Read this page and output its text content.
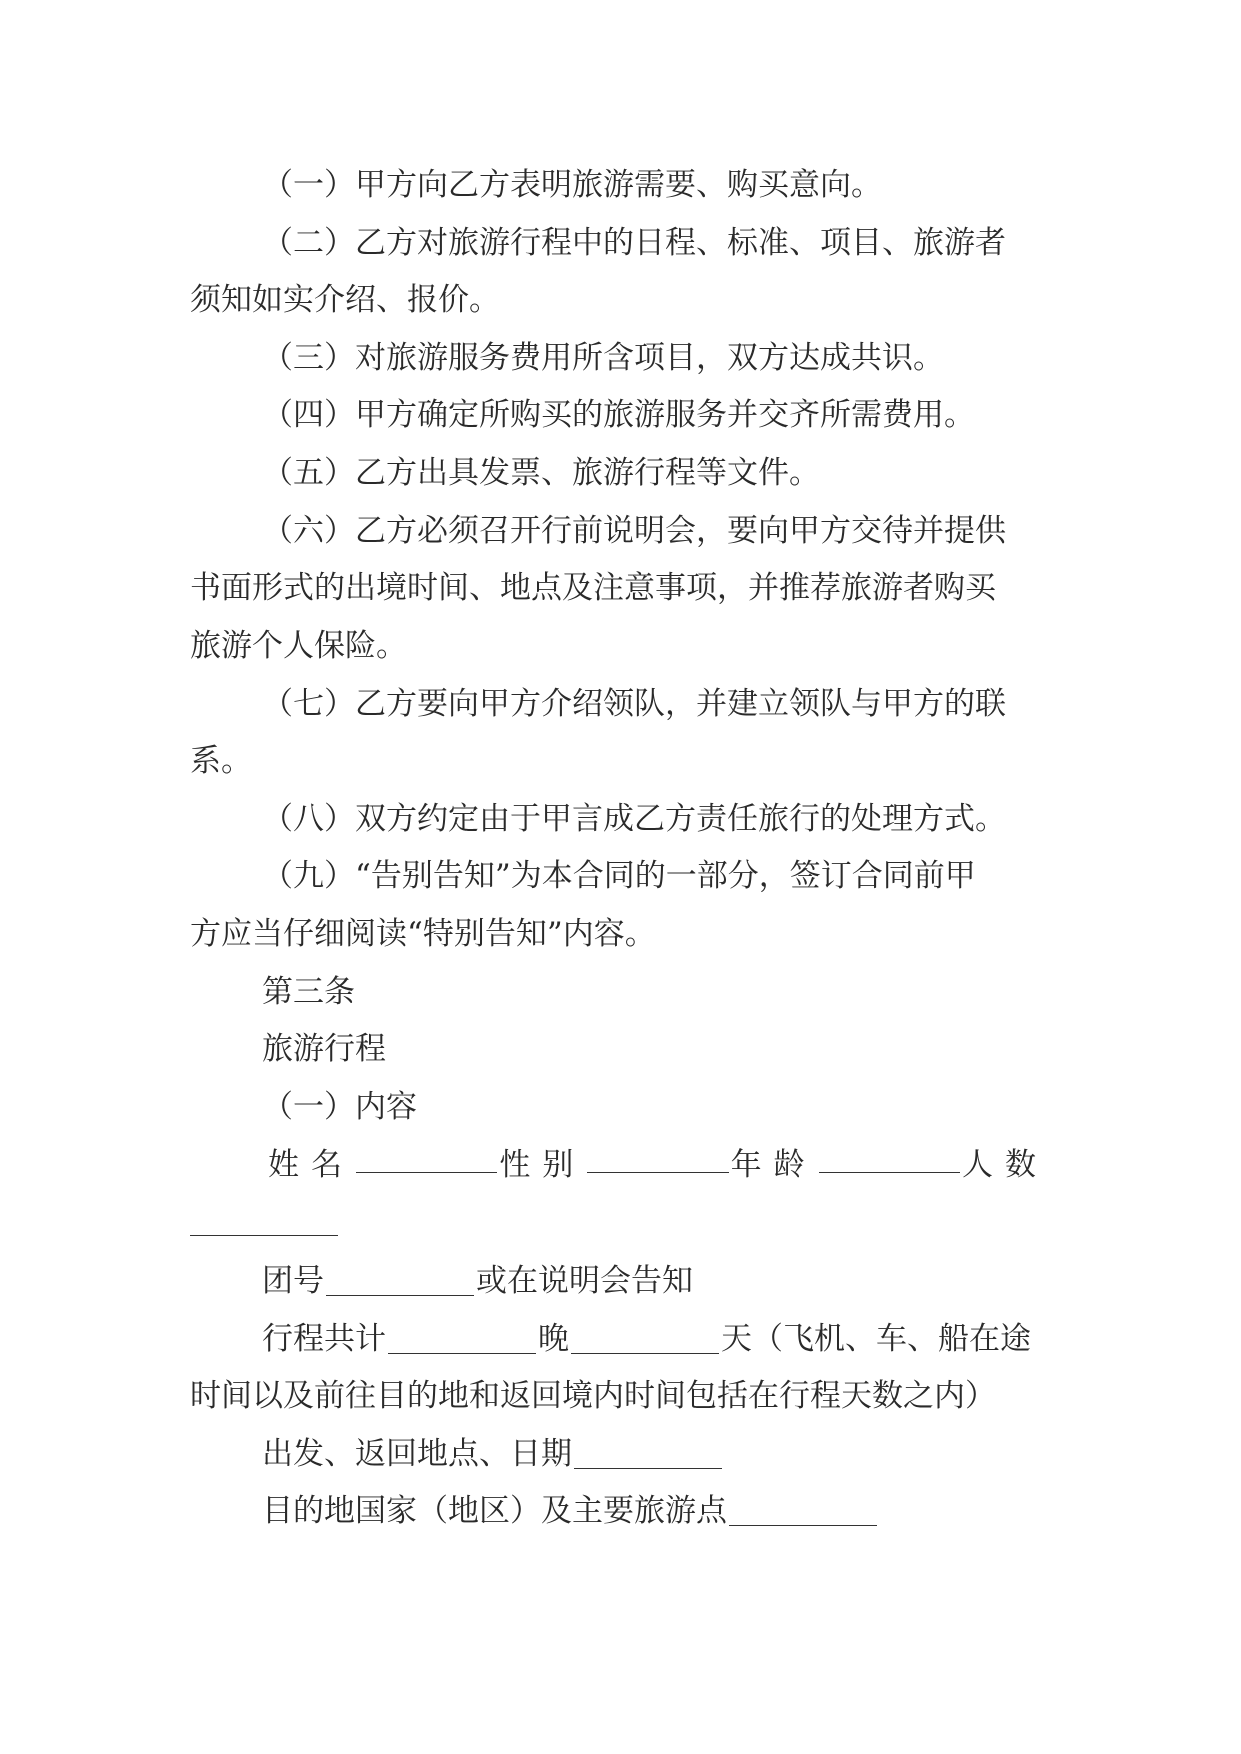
（一）甲方向乙方表明旅游需要、购买意向。

（二）乙方对旅游行程中的日程、标准、项目、旅游者

须知如实介绍、报价。

（三）对旅游服务费用所含项目，双方达成共识。

（四）甲方确定所购买的旅游服务并交齐所需费用。

（五）乙方出具发票、旅游行程等文件。

（六）乙方必须召开行前说明会，要向甲方交待并提供

书面形式的出境时间、地点及注意事项，并推荐旅游者购买

旅游个人保险。

（七）乙方要向甲方介绍领队，并建立领队与甲方的联

系。

（八）双方约定由于甲言成乙方责任旅行的处理方式。

（九）“告别告知”为本合同的一部分，签订合同前甲

方应当仔细阅读“特别告知”内容。

第三条

旅游行程

（一）内容

姓名	性别	年龄	人数
团号	或在说明会告知
行程共计	晚	天（飞机、车、船在途

时间以及前往目的地和返回境内时间包括在行程天数之内）

出发、返回地点、日期
目的地国家（地区）及主要旅游点
